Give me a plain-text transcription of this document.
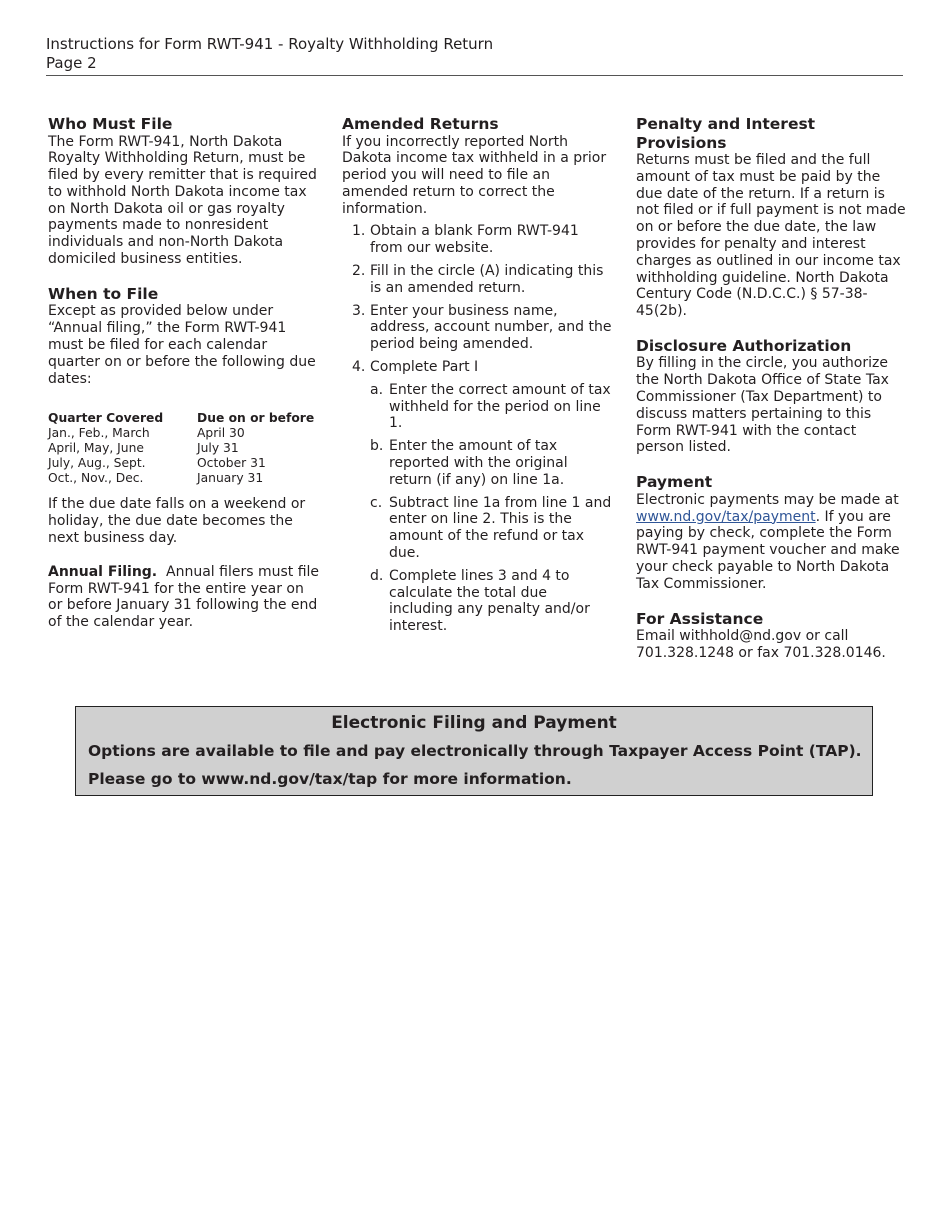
Instructions for Form RWT-941 - Royalty Withholding Return
Page 2
Who Must File

The Form RWT-941, North Dakota Royalty Withholding Return, must be filed by every remitter that is required to withhold North Dakota income tax on North Dakota oil or gas royalty payments made to nonresident individuals and non-North Dakota domiciled business entities.

When to File

Except as provided below under “Annual filing,” the Form RWT-941 must be filed for each calendar quarter on or before the following due dates:

Quarter Covered	Due on or before
Jan., Feb., March	April 30
April, May, June	July 31
July, Aug., Sept.	October 31
Oct., Nov., Dec.	January 31

If the due date falls on a weekend or holiday, the due date becomes the next business day.

Annual Filing. Annual filers must file Form RWT-941 for the entire year on or before January 31 following the end of the calendar year.

Amended Returns

If you incorrectly reported North Dakota income tax withheld in a prior period you will need to file an amended return to correct the information.

1. Obtain a blank Form RWT-941 from our website.
2. Fill in the circle (A) indicating this is an amended return.
3. Enter your business name, address, account number, and the period being amended.
4. Complete Part I
a. Enter the correct amount of tax withheld for the period on line 1.
b. Enter the amount of tax reported with the original return (if any) on line 1a.
c. Subtract line 1a from line 1 and enter on line 2. This is the amount of the refund or tax due.
d. Complete lines 3 and 4 to calculate the total due including any penalty and/or interest.
Penalty and Interest Provisions

Returns must be filed and the full amount of tax must be paid by the due date of the return. If a return is not filed or if full payment is not made on or before the due date, the law provides for penalty and interest charges as outlined in our income tax withholding guideline. North Dakota Century Code (N.D.C.C.) § 57-38-45(2b).

Disclosure Authorization

By filling in the circle, you authorize the North Dakota Office of State Tax Commissioner (Tax Department) to discuss matters pertaining to this Form RWT-941 with the contact person listed.

Payment

Electronic payments may be made at www.nd.gov/tax/payment. If you are paying by check, complete the Form RWT-941 payment voucher and make your check payable to North Dakota Tax Commissioner.

For Assistance

Email withhold@nd.gov or call 701.328.1248 or fax 701.328.0146.

Electronic Filing and Payment
Options are available to file and pay electronically through Taxpayer Access Point (TAP).
Please go to www.nd.gov/tax/tap for more information.
